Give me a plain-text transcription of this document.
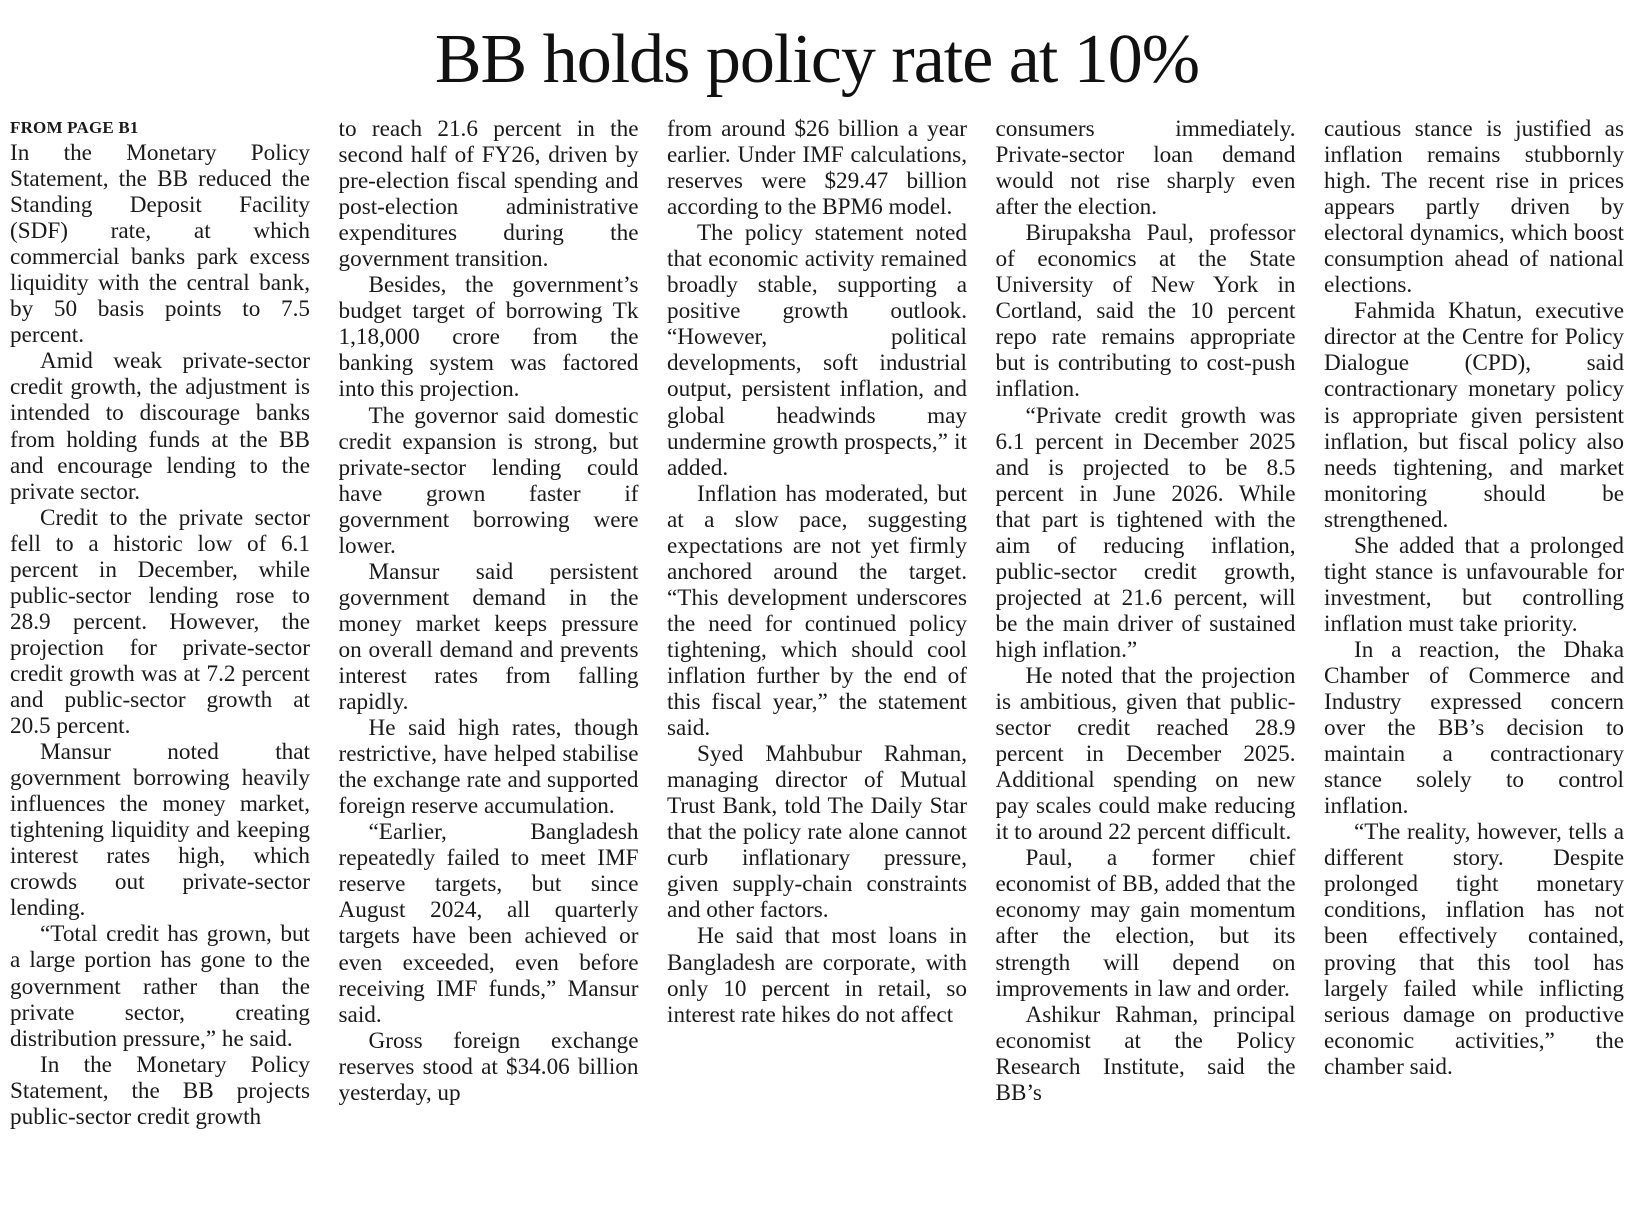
BB holds policy rate at 10%
FROM PAGE B1

In the Monetary Policy Statement, the BB reduced the Standing Deposit Facility (SDF) rate, at which commercial banks park excess liquidity with the central bank, by 50 basis points to 7.5 percent.

Amid weak private-sector credit growth, the adjustment is intended to discourage banks from holding funds at the BB and encourage lending to the private sector.

Credit to the private sector fell to a historic low of 6.1 percent in December, while public-sector lending rose to 28.9 percent. However, the projection for private-sector credit growth was at 7.2 percent and public-sector growth at 20.5 percent.

Mansur noted that government borrowing heavily influences the money market, tightening liquidity and keeping interest rates high, which crowds out private-sector lending.

“Total credit has grown, but a large portion has gone to the government rather than the private sector, creating distribution pressure,” he said.

In the Monetary Policy Statement, the BB projects public-sector credit growth

to reach 21.6 percent in the second half of FY26, driven by pre-election fiscal spending and post-election administrative expenditures during the government transition.

Besides, the government’s budget target of borrowing Tk 1,18,000 crore from the banking system was factored into this projection.

The governor said domestic credit expansion is strong, but private-sector lending could have grown faster if government borrowing were lower.

Mansur said persistent government demand in the money market keeps pressure on overall demand and prevents interest rates from falling rapidly.

He said high rates, though restrictive, have helped stabilise the exchange rate and supported foreign reserve accumulation.

“Earlier, Bangladesh repeatedly failed to meet IMF reserve targets, but since August 2024, all quarterly targets have been achieved or even exceeded, even before receiving IMF funds,” Mansur said.

Gross foreign exchange reserves stood at $34.06 billion yesterday, up

from around $26 billion a year earlier. Under IMF calculations, reserves were $29.47 billion according to the BPM6 model.

The policy statement noted that economic activity remained broadly stable, supporting a positive growth outlook. “However, political developments, soft industrial output, persistent inflation, and global headwinds may undermine growth prospects,” it added.

Inflation has moderated, but at a slow pace, suggesting expectations are not yet firmly anchored around the target. “This development underscores the need for continued policy tightening, which should cool inflation further by the end of this fiscal year,” the statement said.

Syed Mahbubur Rahman, managing director of Mutual Trust Bank, told The Daily Star that the policy rate alone cannot curb inflationary pressure, given supply-chain constraints and other factors.

He said that most loans in Bangladesh are corporate, with only 10 percent in retail, so interest rate hikes do not affect

consumers immediately. Private-sector loan demand would not rise sharply even after the election.

Birupaksha Paul, professor of economics at the State University of New York in Cortland, said the 10 percent repo rate remains appropriate but is contributing to cost-push inflation.

“Private credit growth was 6.1 percent in December 2025 and is projected to be 8.5 percent in June 2026. While that part is tightened with the aim of reducing inflation, public-sector credit growth, projected at 21.6 percent, will be the main driver of sustained high inflation.”

He noted that the projection is ambitious, given that public-sector credit reached 28.9 percent in December 2025. Additional spending on new pay scales could make reducing it to around 22 percent difficult.

Paul, a former chief economist of BB, added that the economy may gain momentum after the election, but its strength will depend on improvements in law and order.

Ashikur Rahman, principal economist at the Policy Research Institute, said the BB’s

cautious stance is justified as inflation remains stubbornly high. The recent rise in prices appears partly driven by electoral dynamics, which boost consumption ahead of national elections.

Fahmida Khatun, executive director at the Centre for Policy Dialogue (CPD), said contractionary monetary policy is appropriate given persistent inflation, but fiscal policy also needs tightening, and market monitoring should be strengthened.

She added that a prolonged tight stance is unfavourable for investment, but controlling inflation must take priority.

In a reaction, the Dhaka Chamber of Commerce and Industry expressed concern over the BB’s decision to maintain a contractionary stance solely to control inflation.

“The reality, however, tells a different story. Despite prolonged tight monetary conditions, inflation has not been effectively contained, proving that this tool has largely failed while inflicting serious damage on productive economic activities,” the chamber said.
